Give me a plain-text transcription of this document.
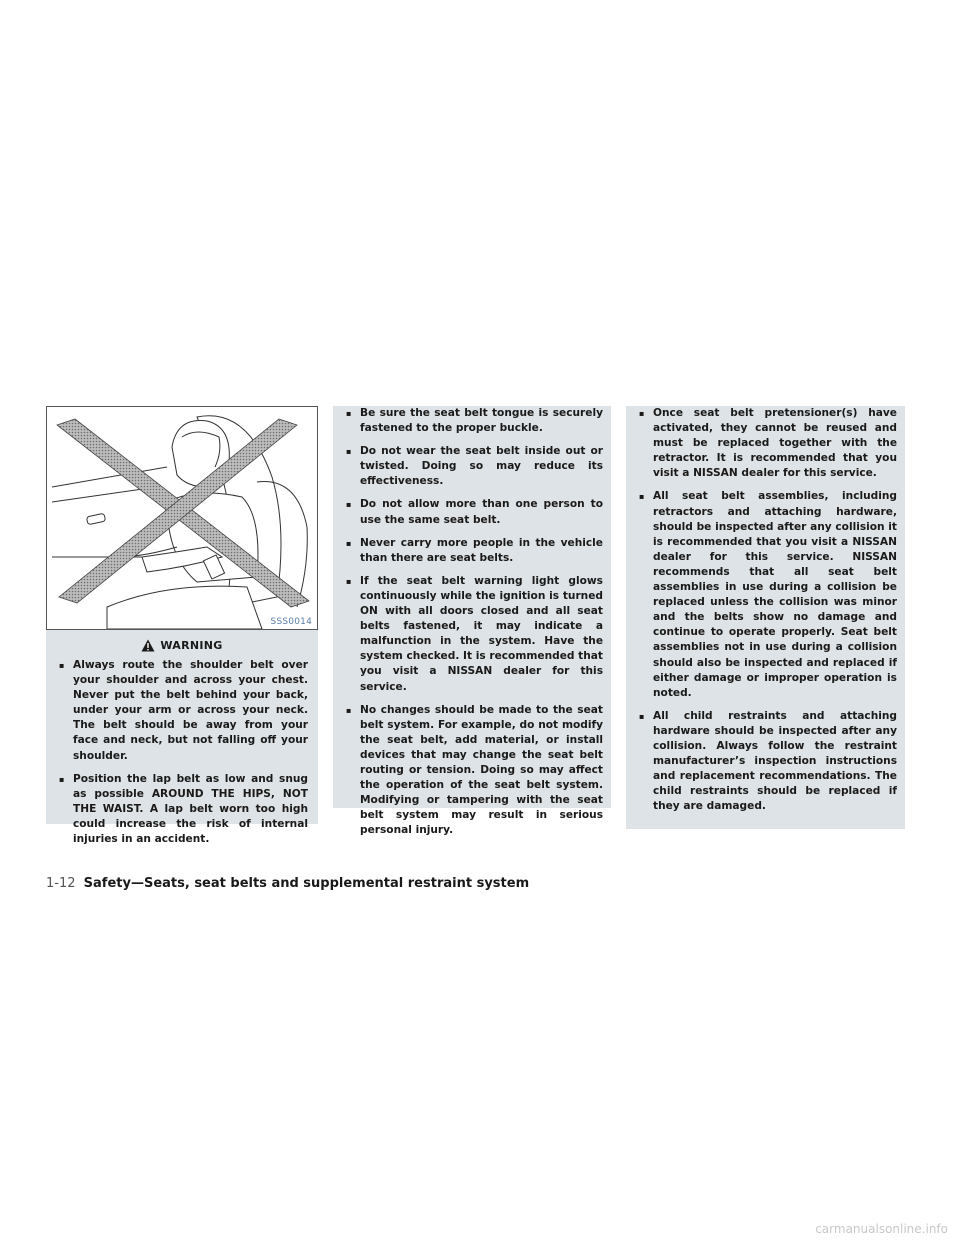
SSS0014
WARNING
▪ Always route the shoulder belt over your shoulder and across your chest. Never put the belt behind your back, under your arm or across your neck. The belt should be away from your face and neck, but not falling off your shoulder.
▪ Position the lap belt as low and snug as possible AROUND THE HIPS, NOT THE WAIST. A lap belt worn too high could increase the risk of internal injuries in an accident.
▪ Be sure the seat belt tongue is securely fastened to the proper buckle.
▪ Do not wear the seat belt inside out or twisted. Doing so may reduce its effectiveness.
▪ Do not allow more than one person to use the same seat belt.
▪ Never carry more people in the vehicle than there are seat belts.
▪ If the seat belt warning light glows continuously while the ignition is turned ON with all doors closed and all seat belts fastened, it may indicate a malfunction in the system. Have the system checked. It is recommended that you visit a NISSAN dealer for this service.
▪ No changes should be made to the seat belt system. For example, do not modify the seat belt, add material, or install devices that may change the seat belt routing or tension. Doing so may affect the operation of the seat belt system. Modifying or tampering with the seat belt system may result in serious personal injury.
▪ Once seat belt pretensioner(s) have activated, they cannot be reused and must be replaced together with the retractor. It is recommended that you visit a NISSAN dealer for this service.
▪ All seat belt assemblies, including retractors and attaching hardware, should be inspected after any collision it is recommended that you visit a NISSAN dealer for this service. NISSAN recommends that all seat belt assemblies in use during a collision be replaced unless the collision was minor and the belts show no damage and continue to operate properly. Seat belt assemblies not in use during a collision should also be inspected and replaced if either damage or improper operation is noted.
▪ All child restraints and attaching hardware should be inspected after any collision. Always follow the restraint manufacturer’s inspection instructions and replacement recommendations. The child restraints should be replaced if they are damaged.
1-12 Safety—Seats, seat belts and supplemental restraint system
carmanualsonline.info
